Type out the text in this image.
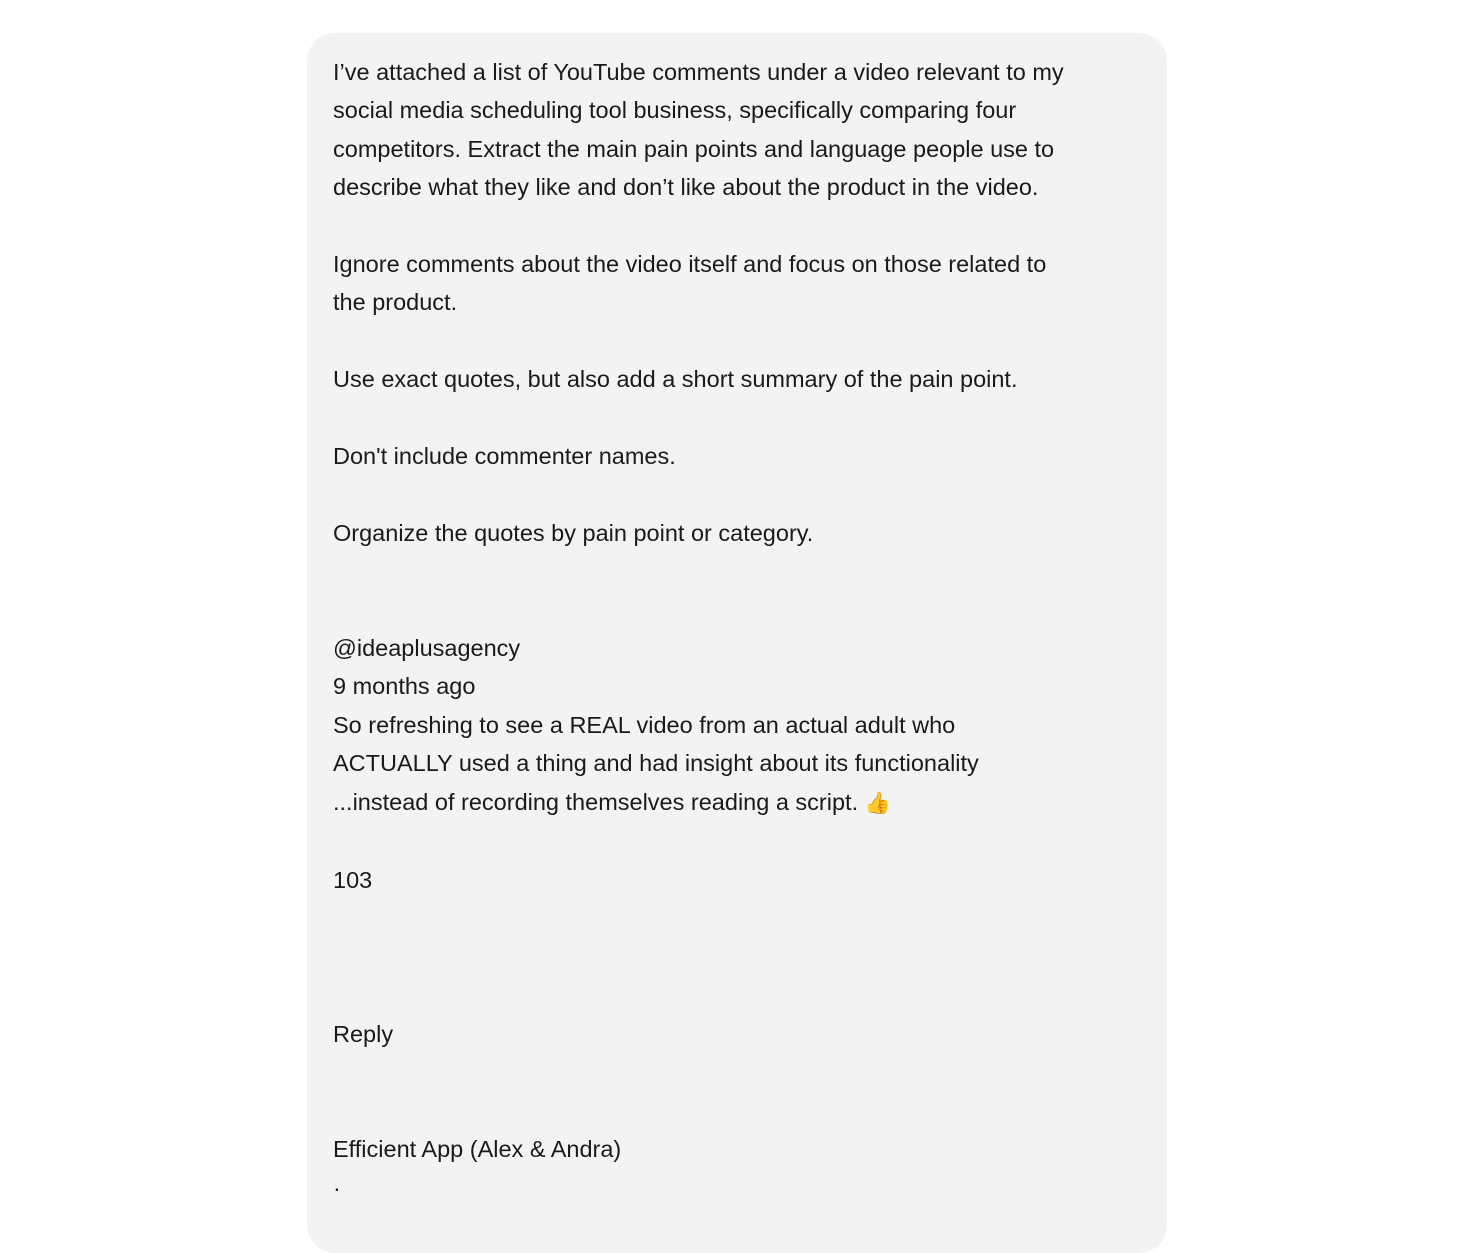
I’ve attached a list of YouTube comments under a video relevant to my
social media scheduling tool business, specifically comparing four
competitors. Extract the main pain points and language people use to
describe what they like and don’t like about the product in the video.
Ignore comments about the video itself and focus on those related to
the product.
Use exact quotes, but also add a short summary of the pain point.
Don't include commenter names.
Organize the quotes by pain point or category.
@ideaplusagency
9 months ago
So refreshing to see a REAL video from an actual adult who
ACTUALLY used a thing and had insight about its functionality
...instead of recording themselves reading a script. 👍
103
Reply
Efficient App (Alex & Andra)
·
